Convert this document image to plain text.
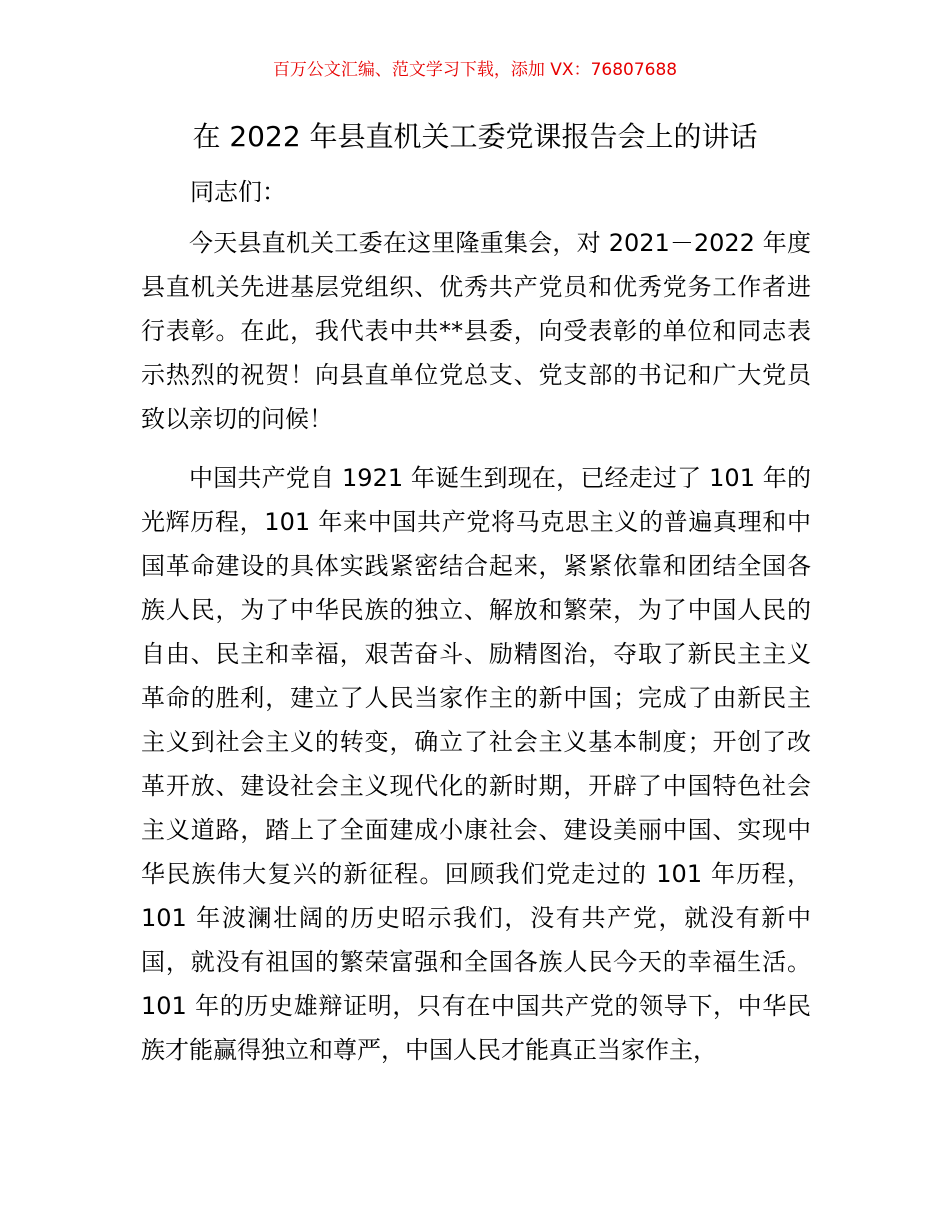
百万公文汇编、范文学习下载，添加 VX：76807688
在 2022 年县直机关工委党课报告会上的讲话
同志们：

今天县直机关工委在这里隆重集会，对 2021－2022 年度县直机关先进基层党组织、优秀共产党员和优秀党务工作者进行表彰。在此，我代表中共**县委，向受表彰的单位和同志表示热烈的祝贺！向县直单位党总支、党支部的书记和广大党员致以亲切的问候！

中国共产党自 1921 年诞生到现在，已经走过了 101 年的光辉历程，101 年来中国共产党将马克思主义的普遍真理和中国革命建设的具体实践紧密结合起来，紧紧依靠和团结全国各族人民，为了中华民族的独立、解放和繁荣，为了中国人民的自由、民主和幸福，艰苦奋斗、励精图治，夺取了新民主主义革命的胜利，建立了人民当家作主的新中国；完成了由新民主主义到社会主义的转变，确立了社会主义基本制度；开创了改革开放、建设社会主义现代化的新时期，开辟了中国特色社会主义道路，踏上了全面建成小康社会、建设美丽中国、实现中华民族伟大复兴的新征程。回顾我们党走过的 101 年历程，101 年波澜壮阔的历史昭示我们，没有共产党，就没有新中国，就没有祖国的繁荣富强和全国各族人民今天的幸福生活。101 年的历史雄辩证明，只有在中国共产党的领导下，中华民族才能赢得独立和尊严，中国人民才能真正当家作主，
